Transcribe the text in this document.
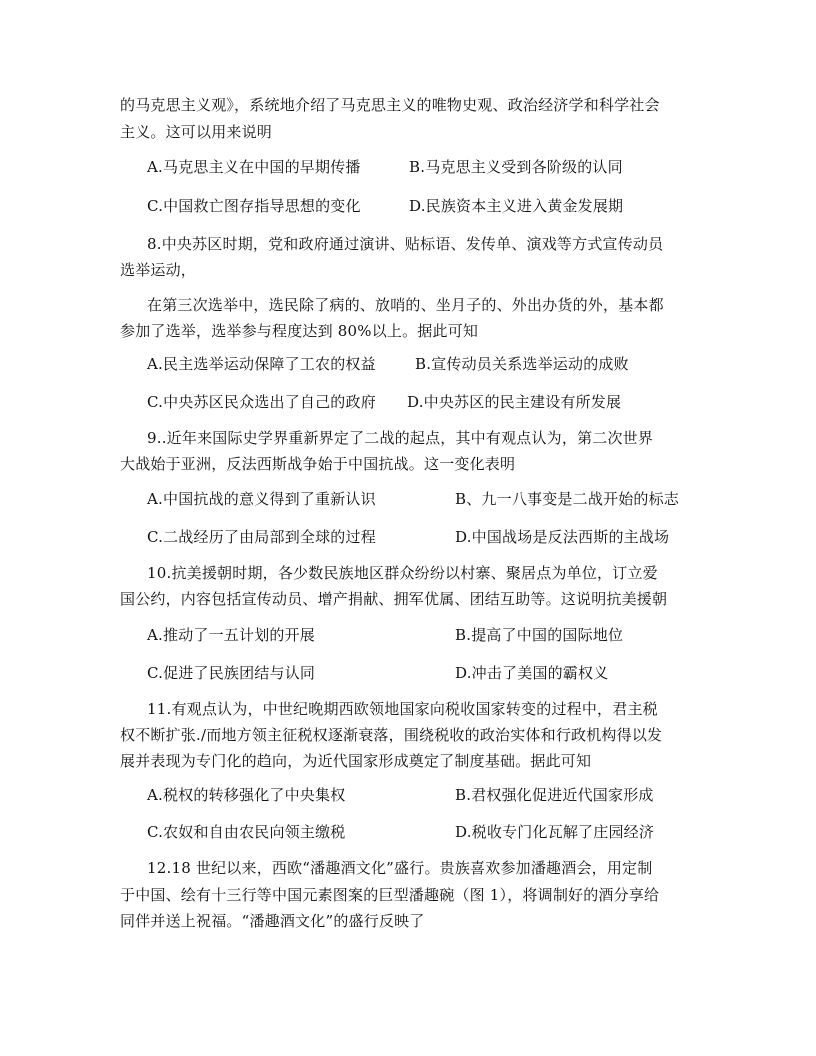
的马克思主义观》，系统地介绍了马克思主义的唯物史观、政治经济学和科学社会
主义。这可以用来说明
A.马克思主义在中国的早期传播	B.马克思主义受到各阶级的认同
C.中国救亡图存指导思想的变化	D.民族资本主义进入黄金发展期
8.中央苏区时期，党和政府通过演讲、贴标语、发传单、演戏等方式宣传动员
选举运动，
在第三次选举中，选民除了病的、放哨的、坐月子的、外出办货的外，基本都
参加了选举，选举参与程度达到 80%以上。据此可知
A.民主选举运动保障了工农的权益	B.宣传动员关系选举运动的成败
C.中央苏区民众选出了自己的政府 D.中央苏区的民主建设有所发展
9..近年来国际史学界重新界定了二战的起点，其中有观点认为，第二次世界
大战始于亚洲，反法西斯战争始于中国抗战。这一变化表明
A.中国抗战的意义得到了重新认识	B、九一八事变是二战开始的标志
C.二战经历了由局部到全球的过程	D.中国战场是反法西斯的主战场
10.抗美援朝时期，各少数民族地区群众纷纷以村寨、聚居点为单位，订立爱
国公约，内容包括宣传动员、增产捐献、拥军优属、团结互助等。这说明抗美援朝
A.推动了一五计划的开展	B.提高了中国的国际地位
C.促进了民族团结与认同	D.冲击了美国的霸权义
11.有观点认为，中世纪晚期西欧领地国家向税收国家转变的过程中，君主税
权不断扩张./而地方领主征税权逐渐衰落，围绕税收的政治实体和行政机构得以发
展并表现为专门化的趋向，为近代国家形成奠定了制度基础。据此可知
A.税权的转移强化了中央集权	B.君权强化促进近代国家形成
C.农奴和自由农民向领主缴税	D.税收专门化瓦解了庄园经济
12.18 世纪以来，西欧“潘趣酒文化”盛行。贵族喜欢参加潘趣酒会，用定制
于中国、绘有十三行等中国元素图案的巨型潘趣碗（图 1），将调制好的酒分享给
同伴并送上祝福。“潘趣酒文化”的盛行反映了
